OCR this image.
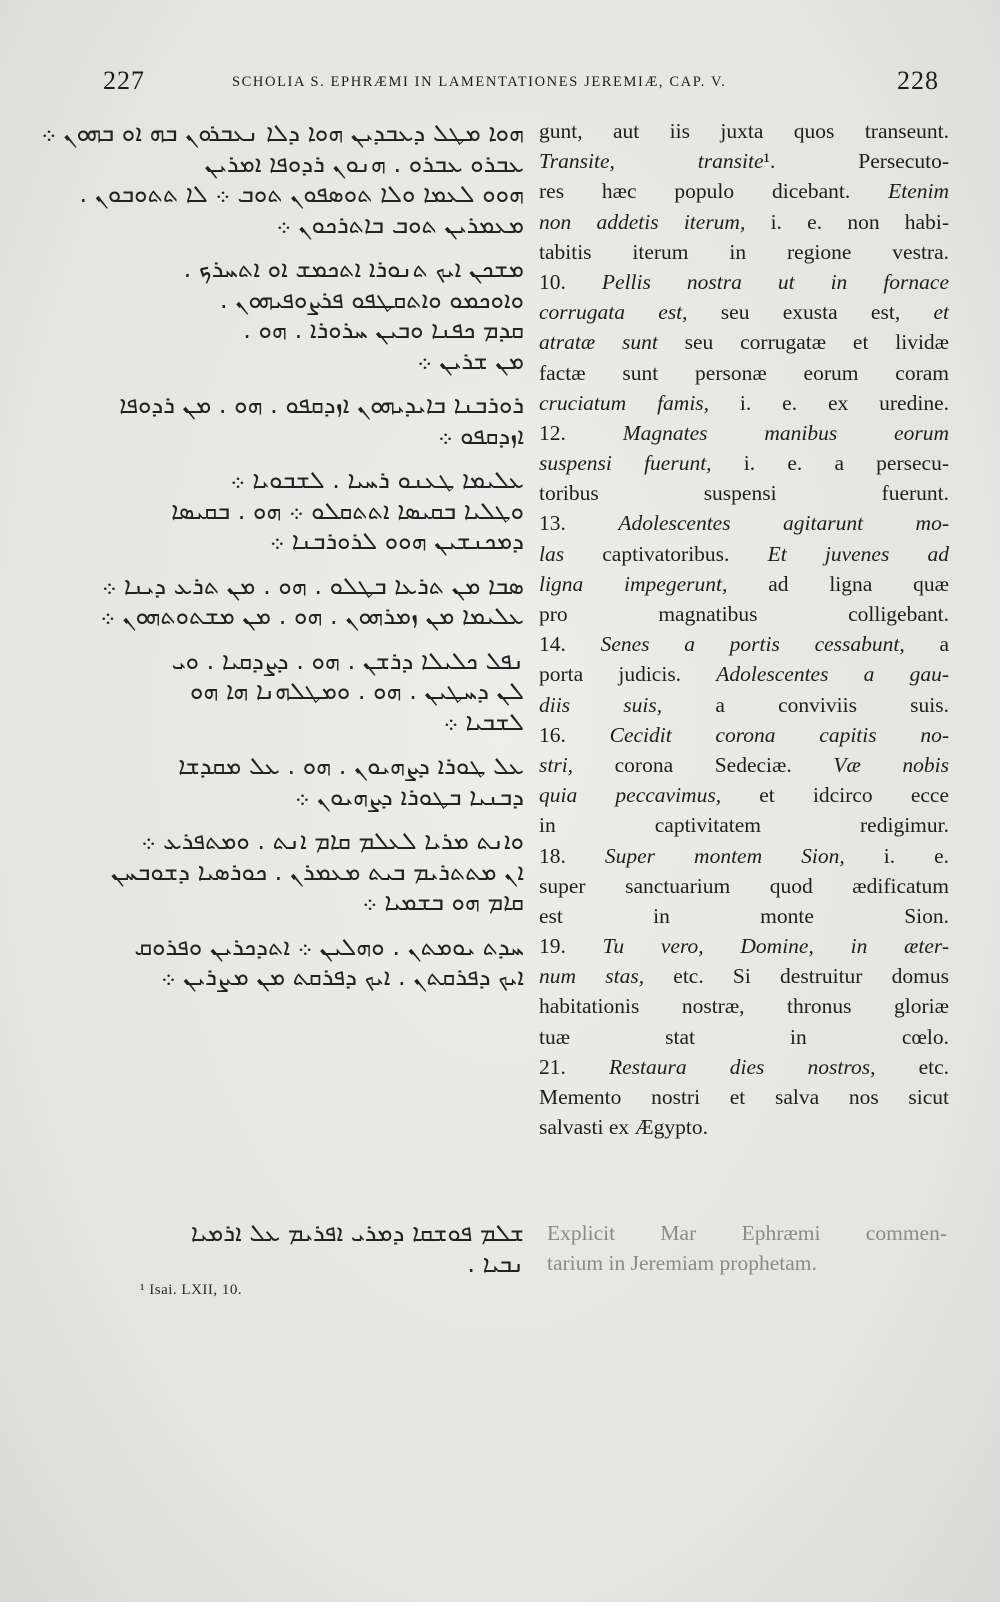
227	SCHOLIA S. EPHRÆMI IN LAMENTATIONES JEREMIÆ, CAP. V.	228
ܗܘܐ ܡܛܠ ܕܥܒܕܝܢ ܗܘܐ ܕܠܐ ܢܥܒܪܘܢ ܒܗ ܐܘ ܒܗܘܢ ܀
ܥܒܪܘ ܥܒܪܘ . ܗܢܘܢ ܪܕܘܦܐ ܐܡܪܝܢ
ܗܘܘ ܠܥܡܐ ܘܠܐ ܬܘܣܦܘܢ ܬܘܒ ܀ ܠܐ ܬܬܘܒܘܢ .
ܡܥܡܪܝܢ ܬܘܒ ܒܐܬܪܟܘܢ ܀
ܡܫܟܢ ܐܝܟ ܬܢܘܪܐ ܐܬܟܡܫ ܐܘ ܐܬܚܪܟ .
ܘܐܘܟܡܘ ܘܐܬܩܛܦܘ ܦܪܨܘܦܝܗܘܢ .
ܩܕܡ ܟܦܢܐ ܘܒܝܢ ܚܪܘܪܐ . ܗܘ .
ܡܢ ܫܪܝܢ ܀
ܪܘܪܒܢܐ ܒܐܝܕܝܗܘܢ ܐܙܕܩܦܘ . ܗܘ . ܡܢ ܪܕܘܦܐ
ܐܙܕܩܦܘ ܀
ܥܠܝܡܐ ܛܥܢܘ ܪܚܝܐ . ܠܫܒܘܝܐ ܀
ܘܛܠܝܐ ܒܩܝܣܐ ܐܬܬܩܠܘ ܀ ܗܘ . ܒܩܝܣܐ
ܕܡܟܢܫܝܢ ܗܘܘ ܠܪܘܪܒܢܐ ܀
ܣܒܐ ܡܢ ܬܪܥܐ ܒܛܠܘ . ܗܘ . ܡܢ ܬܪܥ ܕܝܢܐ ܀
ܥܠܝܡܐ ܡܢ ܙܡܪܗܘܢ . ܗܘ . ܡܢ ܡܫܬܘܬܗܘܢ ܀
ܢܦܠ ܟܠܝܠܐ ܕܪܫܢ . ܗܘ . ܕܨܕܩܝܐ . ܘܝ
ܠܢ ܕܚܛܝܢ . ܗܘ . ܘܡܛܠܗܢܐ ܗܐ ܗܘ
ܠܫܒܝܐ ܀
ܥܠ ܛܘܪܐ ܕܨܗܝܘܢ . ܗܘ . ܥܠ ܡܩܕܫܐ
ܕܒܢܝܐ ܒܛܘܪܐ ܕܨܗܝܘܢ ܀
ܘܐܢܬ ܡܪܝܐ ܠܥܠܡ ܩܐܡ ܐܢܬ . ܘܡܬܦܪܥ ܀
ܐܢ ܡܬܬܪܝܡ ܒܝܬ ܡܥܡܪܢ . ܟܘܪܣܝܐ ܕܫܘܒܚܢ
ܩܐܡ ܗܘ ܒܫܡܝܐ ܀
ܚܕܬ ܝܘܡܬܢ . ܘܗܠܝܢ ܀ ܐܬܕܟܪܝܢ ܘܦܪܘܩ
ܐܝܟ ܕܦܪܩܬܢ . ܐܝܟ ܕܦܪܩܬ ܡܢ ܡܨܪܝܢ ܀
gunt, aut iis juxta quos transeunt.
Transite, transite¹. Persecuto-
res hæc populo dicebant. Etenim
non addetis iterum, i. e. non habi-
tabitis iterum in regione vestra.
10. Pellis nostra ut in fornace
corrugata est, seu exusta est, et
atratæ sunt seu corrugatæ et lividæ
factæ sunt personæ eorum coram
cruciatum famis, i. e. ex uredine.
12. Magnates manibus eorum
suspensi fuerunt, i. e. a persecu-
toribus suspensi fuerunt.
13. Adolescentes agitarunt mo-
las captivatoribus. Et juvenes ad
ligna impegerunt, ad ligna quæ
pro magnatibus colligebant.
14. Senes a portis cessabunt, a
porta judicis. Adolescentes a gau-
diis suis, a conviviis suis.
16. Cecidit corona capitis no-
stri, corona Sedeciæ. Væ nobis
quia peccavimus, et idcirco ecce
in captivitatem redigimur.
18. Super montem Sion, i. e.
super sanctuarium quod ædificatum
est in monte Sion.
19. Tu vero, Domine, in æter-
num stas, etc. Si destruitur domus
habitationis nostræ, thronus gloriæ
tuæ stat in cœlo.
21. Restaura dies nostros, etc.
Memento nostri et salva nos sicut
salvasti ex Ægypto.
ܫܠܡ ܦܘܫܩܐ ܕܡܪܝ ܐܦܪܝܡ ܥܠ ܐܪܡܝܐ
ܢܒܝܐ .
Explicit Mar Ephræmi commen-
tarium in Jeremiam prophetam.
¹ Isai. LXII, 10.
